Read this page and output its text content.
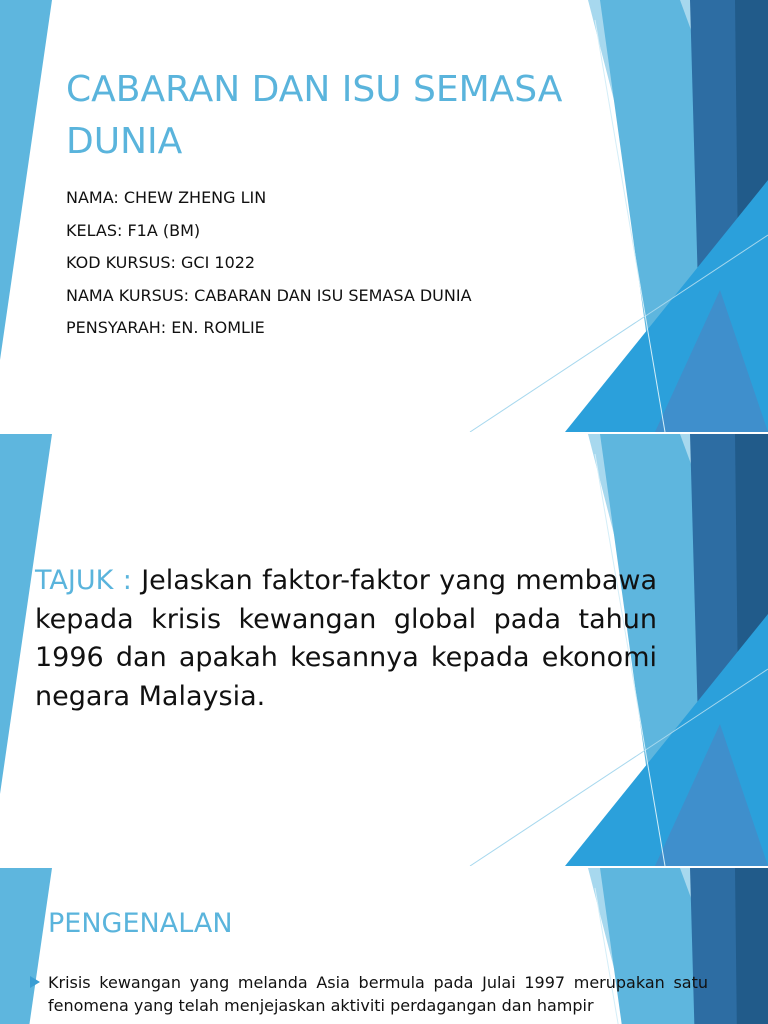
CABARAN DAN ISU SEMASA DUNIA
NAMA: CHEW ZHENG LIN
KELAS: F1A (BM)
KOD KURSUS: GCI 1022
NAMA KURSUS: CABARAN DAN ISU SEMASA DUNIA
PENSYARAH: EN. ROMLIE

TAJUK : Jelaskan faktor-faktor yang membawa kepada krisis kewangan global pada tahun 1996 dan apakah kesannya kepada ekonomi negara Malaysia.

PENGENALAN
Krisis kewangan yang melanda Asia bermula pada Julai 1997 merupakan satu fenomena yang telah menjejaskan aktiviti perdagangan dan hampir
